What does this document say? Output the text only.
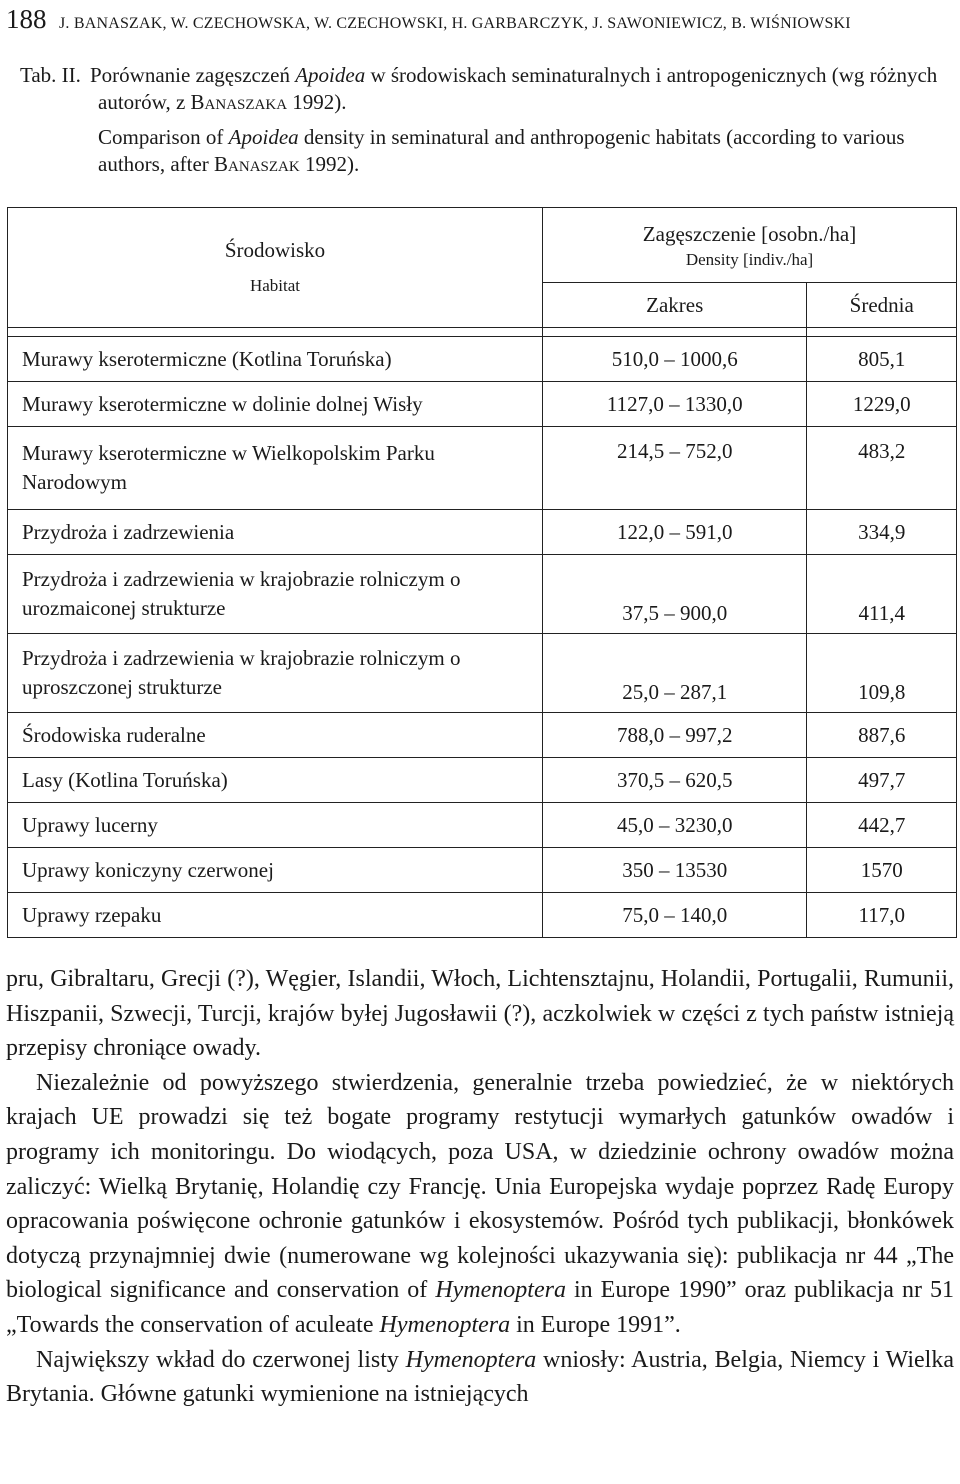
188 J. BANASZAK, W. CZECHOWSKA, W. CZECHOWSKI, H. GARBARCZYK, J. SAWONIEWICZ, B. WIŚNIOWSKI

Tab. II. Porównanie zagęszczeń Apoidea w środowiskach seminaturalnych i antropogenicznych (wg różnych autorów, z Banaszaka 1992).

Comparison of Apoidea density in seminatural and anthropogenic habitats (according to various authors, after Banaszak 1992).

Środowisko
Habitat	Zagęszczenie [osobn./ha]
Density [indiv./ha]	

	Zakres	Średnia

Murawy kserotermiczne (Kotlina Toruńska)	510,0 – 1000,6	805,1
Murawy kserotermiczne w dolinie dolnej Wisły	1127,0 – 1330,0	1229,0
Murawy kserotermiczne w Wielkopolskim Parku Narodowym	214,5 – 752,0	483,2
Przydroża i zadrzewienia	122,0 – 591,0	334,9
Przydroża i zadrzewienia w krajobrazie rolniczym o urozmaiconej strukturze	37,5 – 900,0	411,4
Przydroża i zadrzewienia w krajobrazie rolniczym o uproszczonej strukturze	25,0 – 287,1	109,8
Środowiska ruderalne	788,0 – 997,2	887,6
Lasy (Kotlina Toruńska)	370,5 – 620,5	497,7
Uprawy lucerny	45,0 – 3230,0	442,7
Uprawy koniczyny czerwonej	350 – 13530	1570
Uprawy rzepaku	75,0 – 140,0	117,0

pru, Gibraltaru, Grecji (?), Węgier, Islandii, Włoch, Lichtensztajnu, Holandii, Portugalii, Rumunii, Hiszpanii, Szwecji, Turcji, krajów byłej Jugosławii (?), aczkolwiek w części z tych państw istnieją przepisy chroniące owady.

Niezależnie od powyższego stwierdzenia, generalnie trzeba powiedzieć, że w niektórych krajach UE prowadzi się też bogate programy restytucji wymarłych gatunków owadów i programy ich monitoringu. Do wiodących, poza USA, w dziedzinie ochrony owadów można zaliczyć: Wielką Brytanię, Holandię czy Francję. Unia Europejska wydaje poprzez Radę Europy opracowania poświęcone ochronie gatunków i ekosystemów. Pośród tych publikacji, błonkówek dotyczą przynajmniej dwie (numerowane wg kolejności ukazywania się): publikacja nr 44 „The biological significance and conservation of Hymenoptera in Europe 1990” oraz publikacja nr 51 „Towards the conservation of aculeate Hymenoptera in Europe 1991”.

Największy wkład do czerwonej listy Hymenoptera wniosły: Austria, Belgia, Niemcy i Wielka Brytania. Główne gatunki wymienione na istniejących
